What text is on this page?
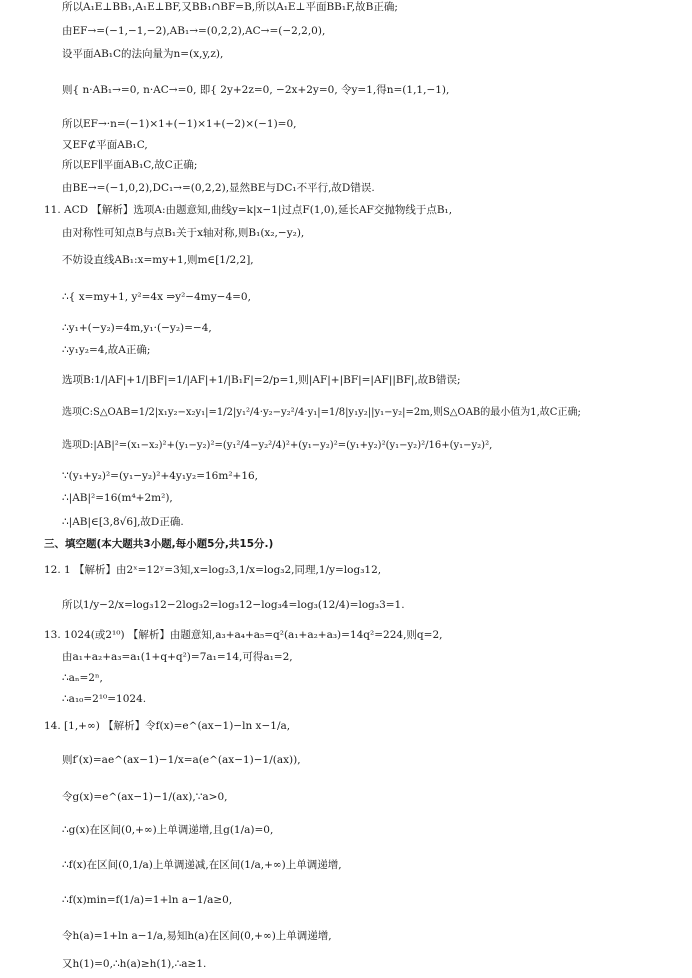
所以A₁E⊥BB₁,A₁E⊥BF,又BB₁∩BF=B,所以A₁E⊥平面BB₁F,故B正确;
由EF→=(−1,−1,−2),AB₁→=(0,2,2),AC→=(−2,2,0),
设平面AB₁C的法向量为n=(x,y,z),
则{ n·AB₁→=0, n·AC→=0, 即{ 2y+2z=0, −2x+2y=0, 令y=1,得n=(1,1,−1),
所以EF→·n=(−1)×1+(−1)×1+(−2)×(−1)=0,
又EF⊄平面AB₁C,
所以EF∥平面AB₁C,故C正确;
由BE→=(−1,0,2),DC₁→=(0,2,2),显然BE与DC₁不平行,故D错误.
11. ACD 【解析】选项A:由题意知,曲线y=k|x−1|过点F(1,0),延长AF交抛物线于点B₁,
由对称性可知点B与点B₁关于x轴对称,则B₁(x₂,−y₂),
不妨设直线AB₁:x=my+1,则m∈[1/2,2],
∴{ x=my+1, y²=4x ⇒y²−4my−4=0,
∴y₁+(−y₂)=4m,y₁·(−y₂)=−4,
∴y₁y₂=4,故A正确;
选项B:1/|AF|+1/|BF|=1/|AF|+1/|B₁F|=2/p=1,则|AF|+|BF|=|AF||BF|,故B错误;
选项C:S△OAB=1/2|x₁y₂−x₂y₁|=1/2|y₁²/4·y₂−y₂²/4·y₁|=1/8|y₁y₂||y₁−y₂|=2m,则S△OAB的最小值为1,故C正确;
选项D:|AB|²=(x₁−x₂)²+(y₁−y₂)²=(y₁²/4−y₂²/4)²+(y₁−y₂)²=(y₁+y₂)²(y₁−y₂)²/16+(y₁−y₂)²,
∵(y₁+y₂)²=(y₁−y₂)²+4y₁y₂=16m²+16,
∴|AB|²=16(m⁴+2m²),
∴|AB|∈[3,8√6],故D正确.
三、填空题(本大题共3小题,每小题5分,共15分.)
12. 1 【解析】由2ˣ=12ʸ=3知,x=log₂3,1/x=log₃2,同理,1/y=log₃12,
所以1/y−2/x=log₃12−2log₃2=log₃12−log₃4=log₃(12/4)=log₃3=1.
13. 1024(或2¹⁰) 【解析】由题意知,a₃+a₄+a₅=q²(a₁+a₂+a₃)=14q²=224,则q=2,
由a₁+a₂+a₃=a₁(1+q+q²)=7a₁=14,可得a₁=2,
∴aₙ=2ⁿ,
∴a₁₀=2¹⁰=1024.
14. [1,+∞) 【解析】令f(x)=e^(ax−1)−ln x−1/a,
则f′(x)=ae^(ax−1)−1/x=a(e^(ax−1)−1/(ax)),
令g(x)=e^(ax−1)−1/(ax),∵a>0,
∴g(x)在区间(0,+∞)上单调递增,且g(1/a)=0,
∴f(x)在区间(0,1/a)上单调递减,在区间(1/a,+∞)上单调递增,
∴f(x)min=f(1/a)=1+ln a−1/a≥0,
令h(a)=1+ln a−1/a,易知h(a)在区间(0,+∞)上单调递增,
又h(1)=0,∴h(a)≥h(1),∴a≥1.
